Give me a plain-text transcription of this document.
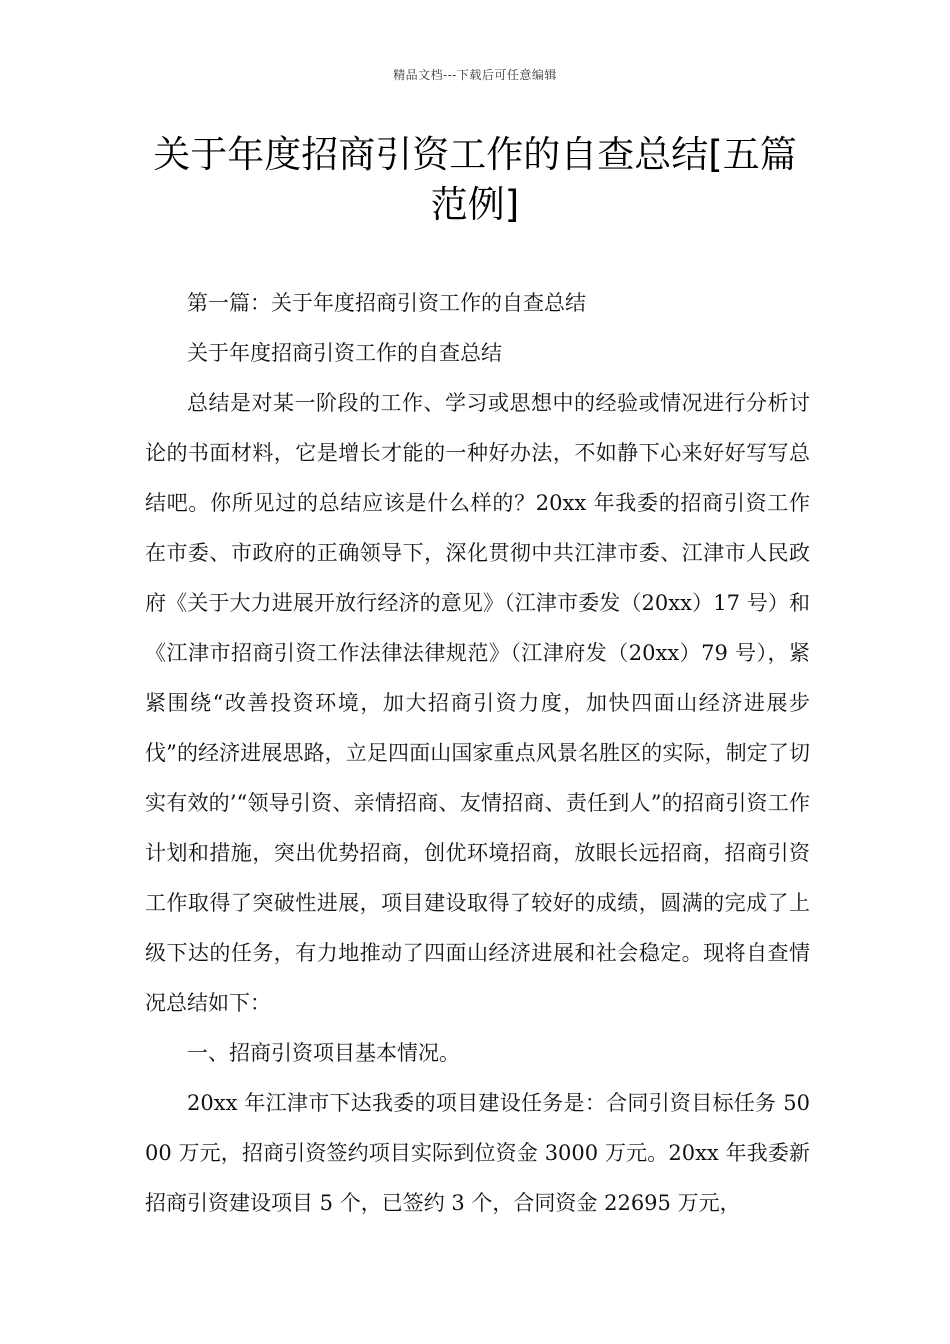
精品文档---下载后可任意编辑
关于年度招商引资工作的自查总结[五篇范例]

第一篇：关于年度招商引资工作的自查总结

关于年度招商引资工作的自查总结

总结是对某一阶段的工作、学习或思想中的经验或情况进行分析讨论的书面材料，它是增长才能的一种好办法，不如静下心来好好写写总结吧。你所见过的总结应该是什么样的？20xx 年我委的招商引资工作在市委、市政府的正确领导下，深化贯彻中共江津市委、江津市人民政府《关于大力进展开放行经济的意见》（江津市委发（20xx）17 号）和《江津市招商引资工作法律法律规范》（江津府发（20xx）79 号），紧紧围绕“改善投资环境，加大招商引资力度，加快四面山经济进展步伐”的经济进展思路，立足四面山国家重点风景名胜区的实际，制定了切实有效的’“领导引资、亲情招商、友情招商、责任到人”的招商引资工作计划和措施，突出优势招商，创优环境招商，放眼长远招商，招商引资工作取得了突破性进展，项目建设取得了较好的成绩，圆满的完成了上级下达的任务，有力地推动了四面山经济进展和社会稳定。现将自查情况总结如下：

一、招商引资项目基本情况。

20xx 年江津市下达我委的项目建设任务是：合同引资目标任务 5000 万元，招商引资签约项目实际到位资金 3000 万元。20xx 年我委新招商引资建设项目 5 个，已签约 3 个，合同资金 22695 万元，
